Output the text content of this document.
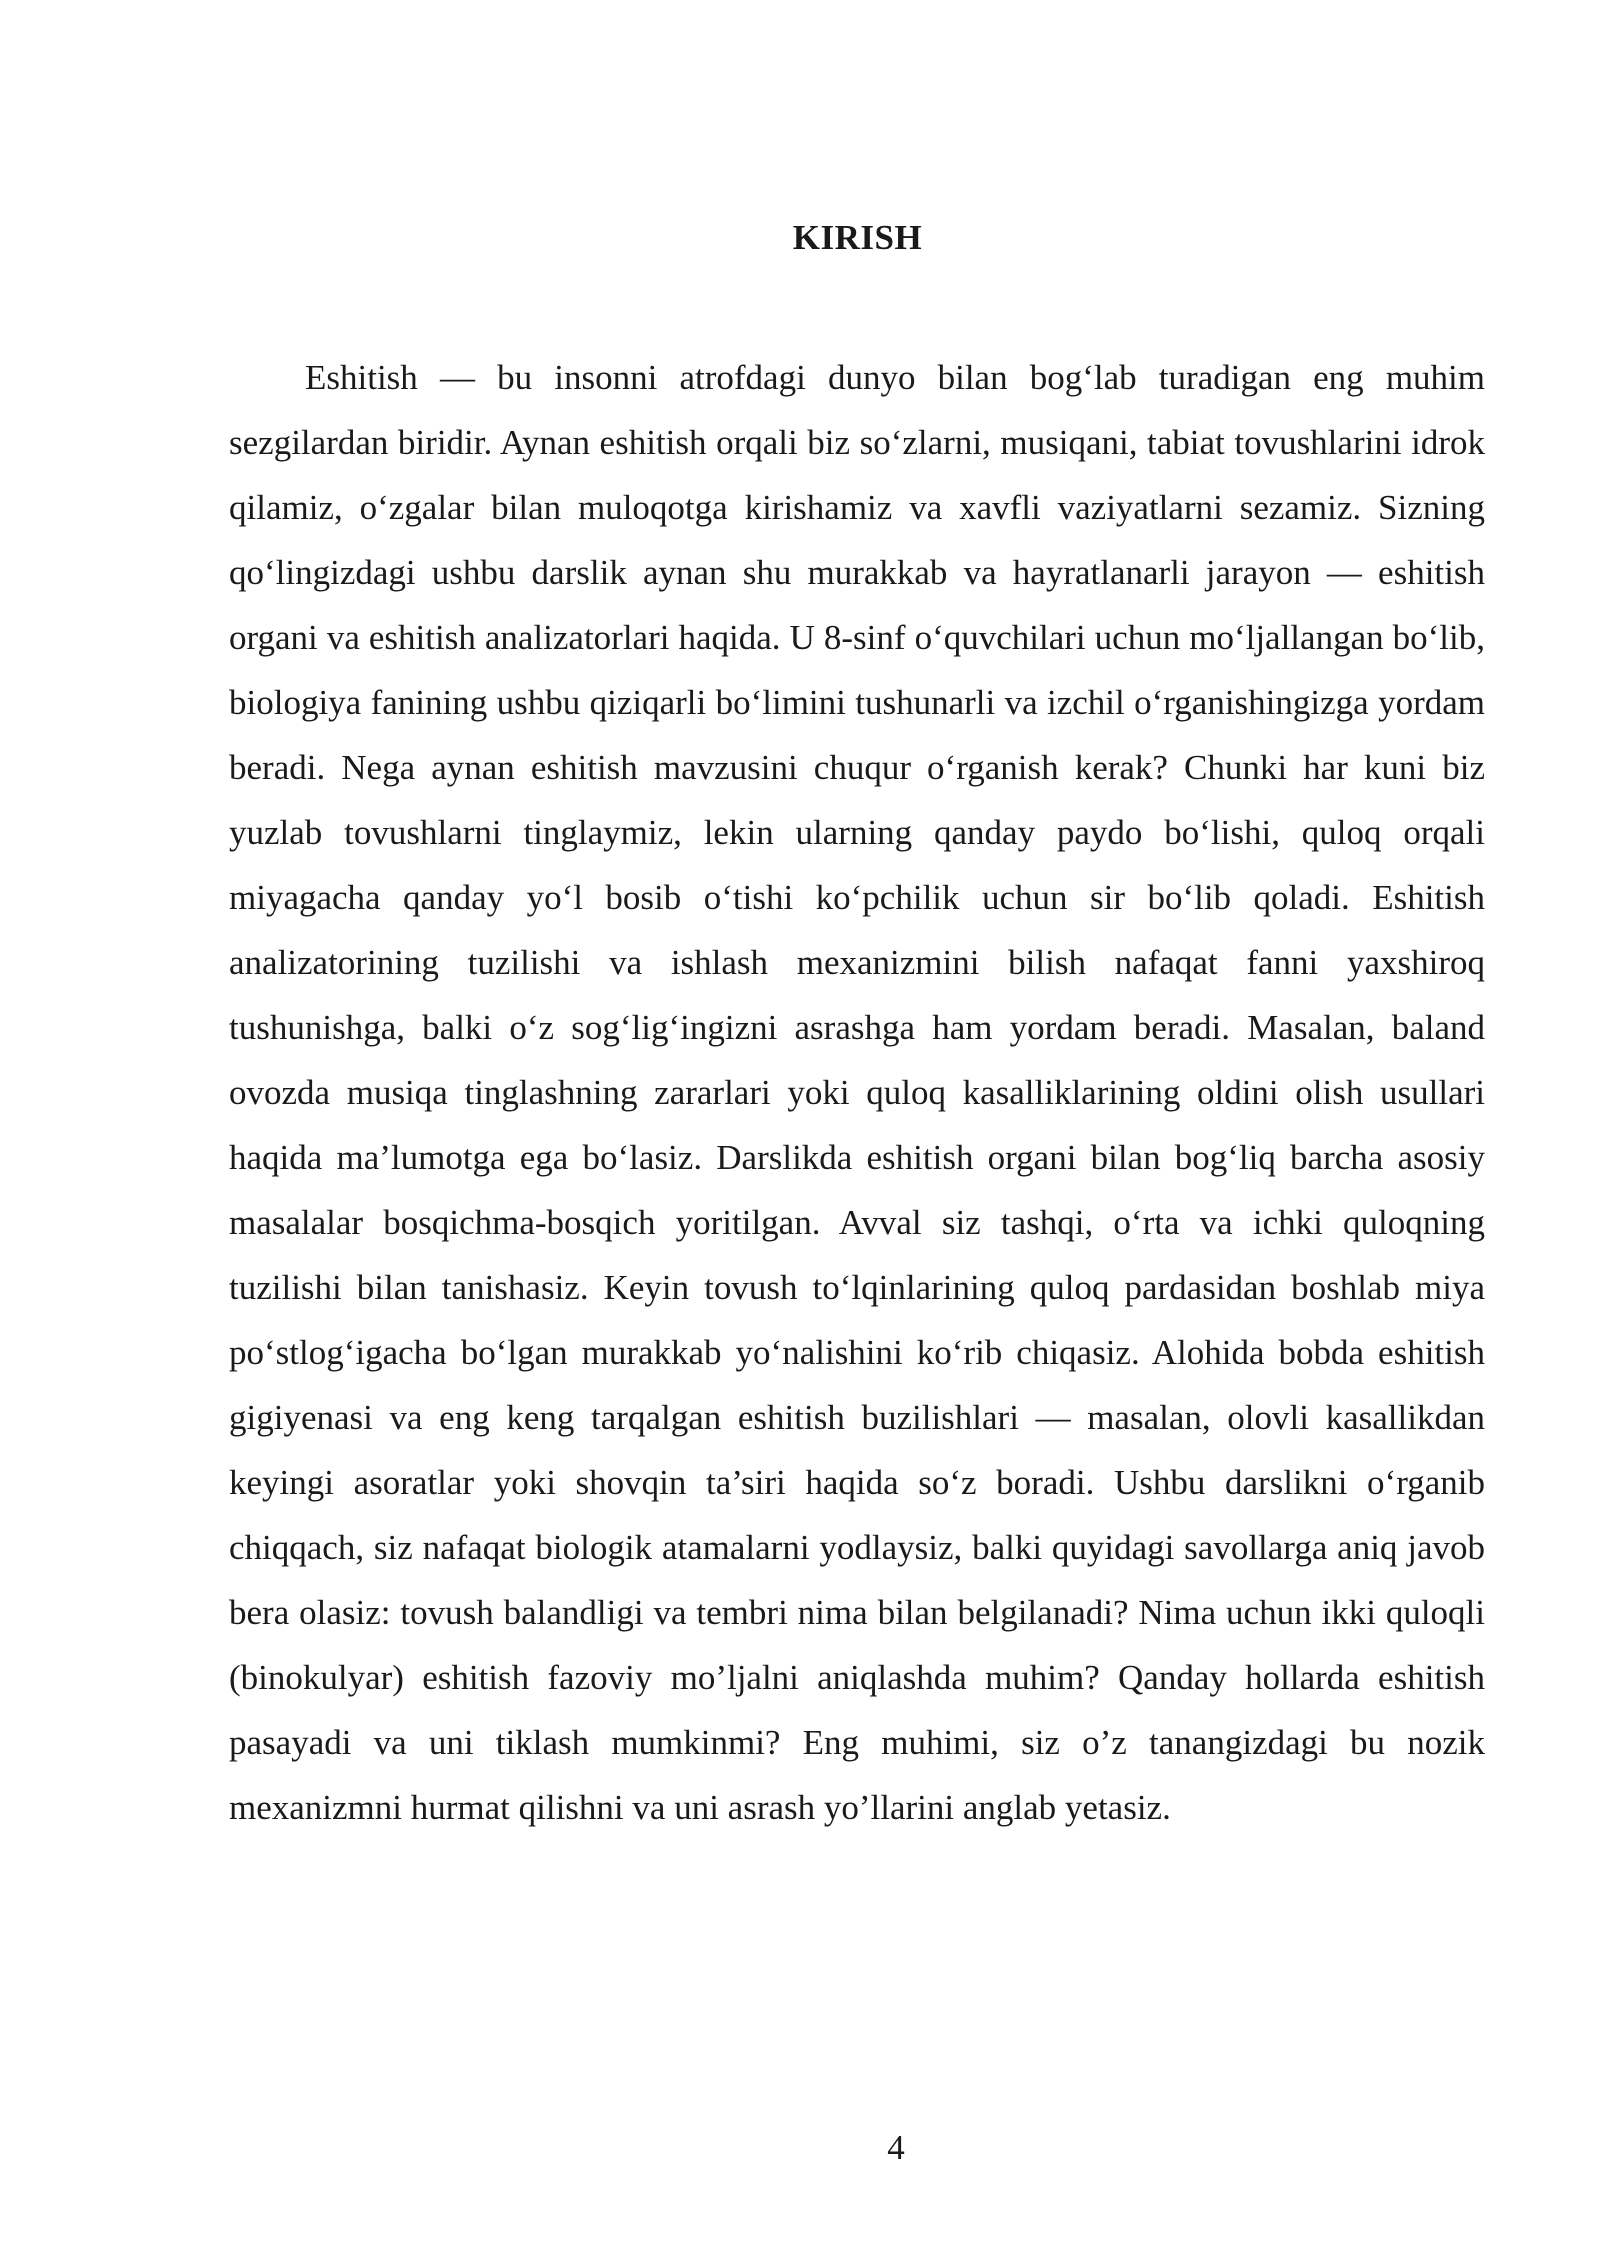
KIRISH

Eshitish — bu insonni atrofdagi dunyo bilan bog‘lab turadigan eng muhim sezgilardan biridir. Aynan eshitish orqali biz so‘zlarni, musiqani, tabiat tovushlarini idrok qilamiz, o‘zgalar bilan muloqotga kirishamiz va xavfli vaziyatlarni sezamiz. Sizning qo‘lingizdagi ushbu darslik aynan shu murakkab va hayratlanarli jarayon — eshitish organi va eshitish analizatorlari haqida. U 8-sinf o‘quvchilari uchun mo‘ljallangan bo‘lib, biologiya fanining ushbu qiziqarli bo‘limini tushunarli va izchil o‘rganishingizga yordam beradi. Nega aynan eshitish mavzusini chuqur o‘rganish kerak? Chunki har kuni biz yuzlab tovushlarni tinglaymiz, lekin ularning qanday paydo bo‘lishi, quloq orqali miyagacha qanday yo‘l bosib o‘tishi ko‘pchilik uchun sir bo‘lib qoladi. Eshitish analizatorining tuzilishi va ishlash mexanizmini bilish nafaqat fanni yaxshiroq tushunishga, balki o‘z sog‘lig‘ingizni asrashga ham yordam beradi. Masalan, baland ovozda musiqa tinglashning zararlari yoki quloq kasalliklarining oldini olish usullari haqida ma’lumotga ega bo‘lasiz. Darslikda eshitish organi bilan bog‘liq barcha asosiy masalalar bosqichma-bosqich yoritilgan. Avval siz tashqi, o‘rta va ichki quloqning tuzilishi bilan tanishasiz. Keyin tovush to‘lqinlarining quloq pardasidan boshlab miya po‘stlog‘igacha bo‘lgan murakkab yo‘nalishini ko‘rib chiqasiz. Alohida bobda eshitish gigiyenasi va eng keng tarqalgan eshitish buzilishlari — masalan, olovli kasallikdan keyingi asoratlar yoki shovqin ta’siri haqida so‘z boradi. Ushbu darslikni o‘rganib chiqqach, siz nafaqat biologik atamalarni yodlaysiz, balki quyidagi savollarga aniq javob bera olasiz: tovush balandligi va tembri nima bilan belgilanadi? Nima uchun ikki quloqli (binokulyar) eshitish fazoviy mo’ljalni aniqlashda muhim? Qanday hollarda eshitish pasayadi va uni tiklash mumkinmi? Eng muhimi, siz o’z tanangizdagi bu nozik mexanizmni hurmat qilishni va uni asrash yo’llarini anglab yetasiz.

4
